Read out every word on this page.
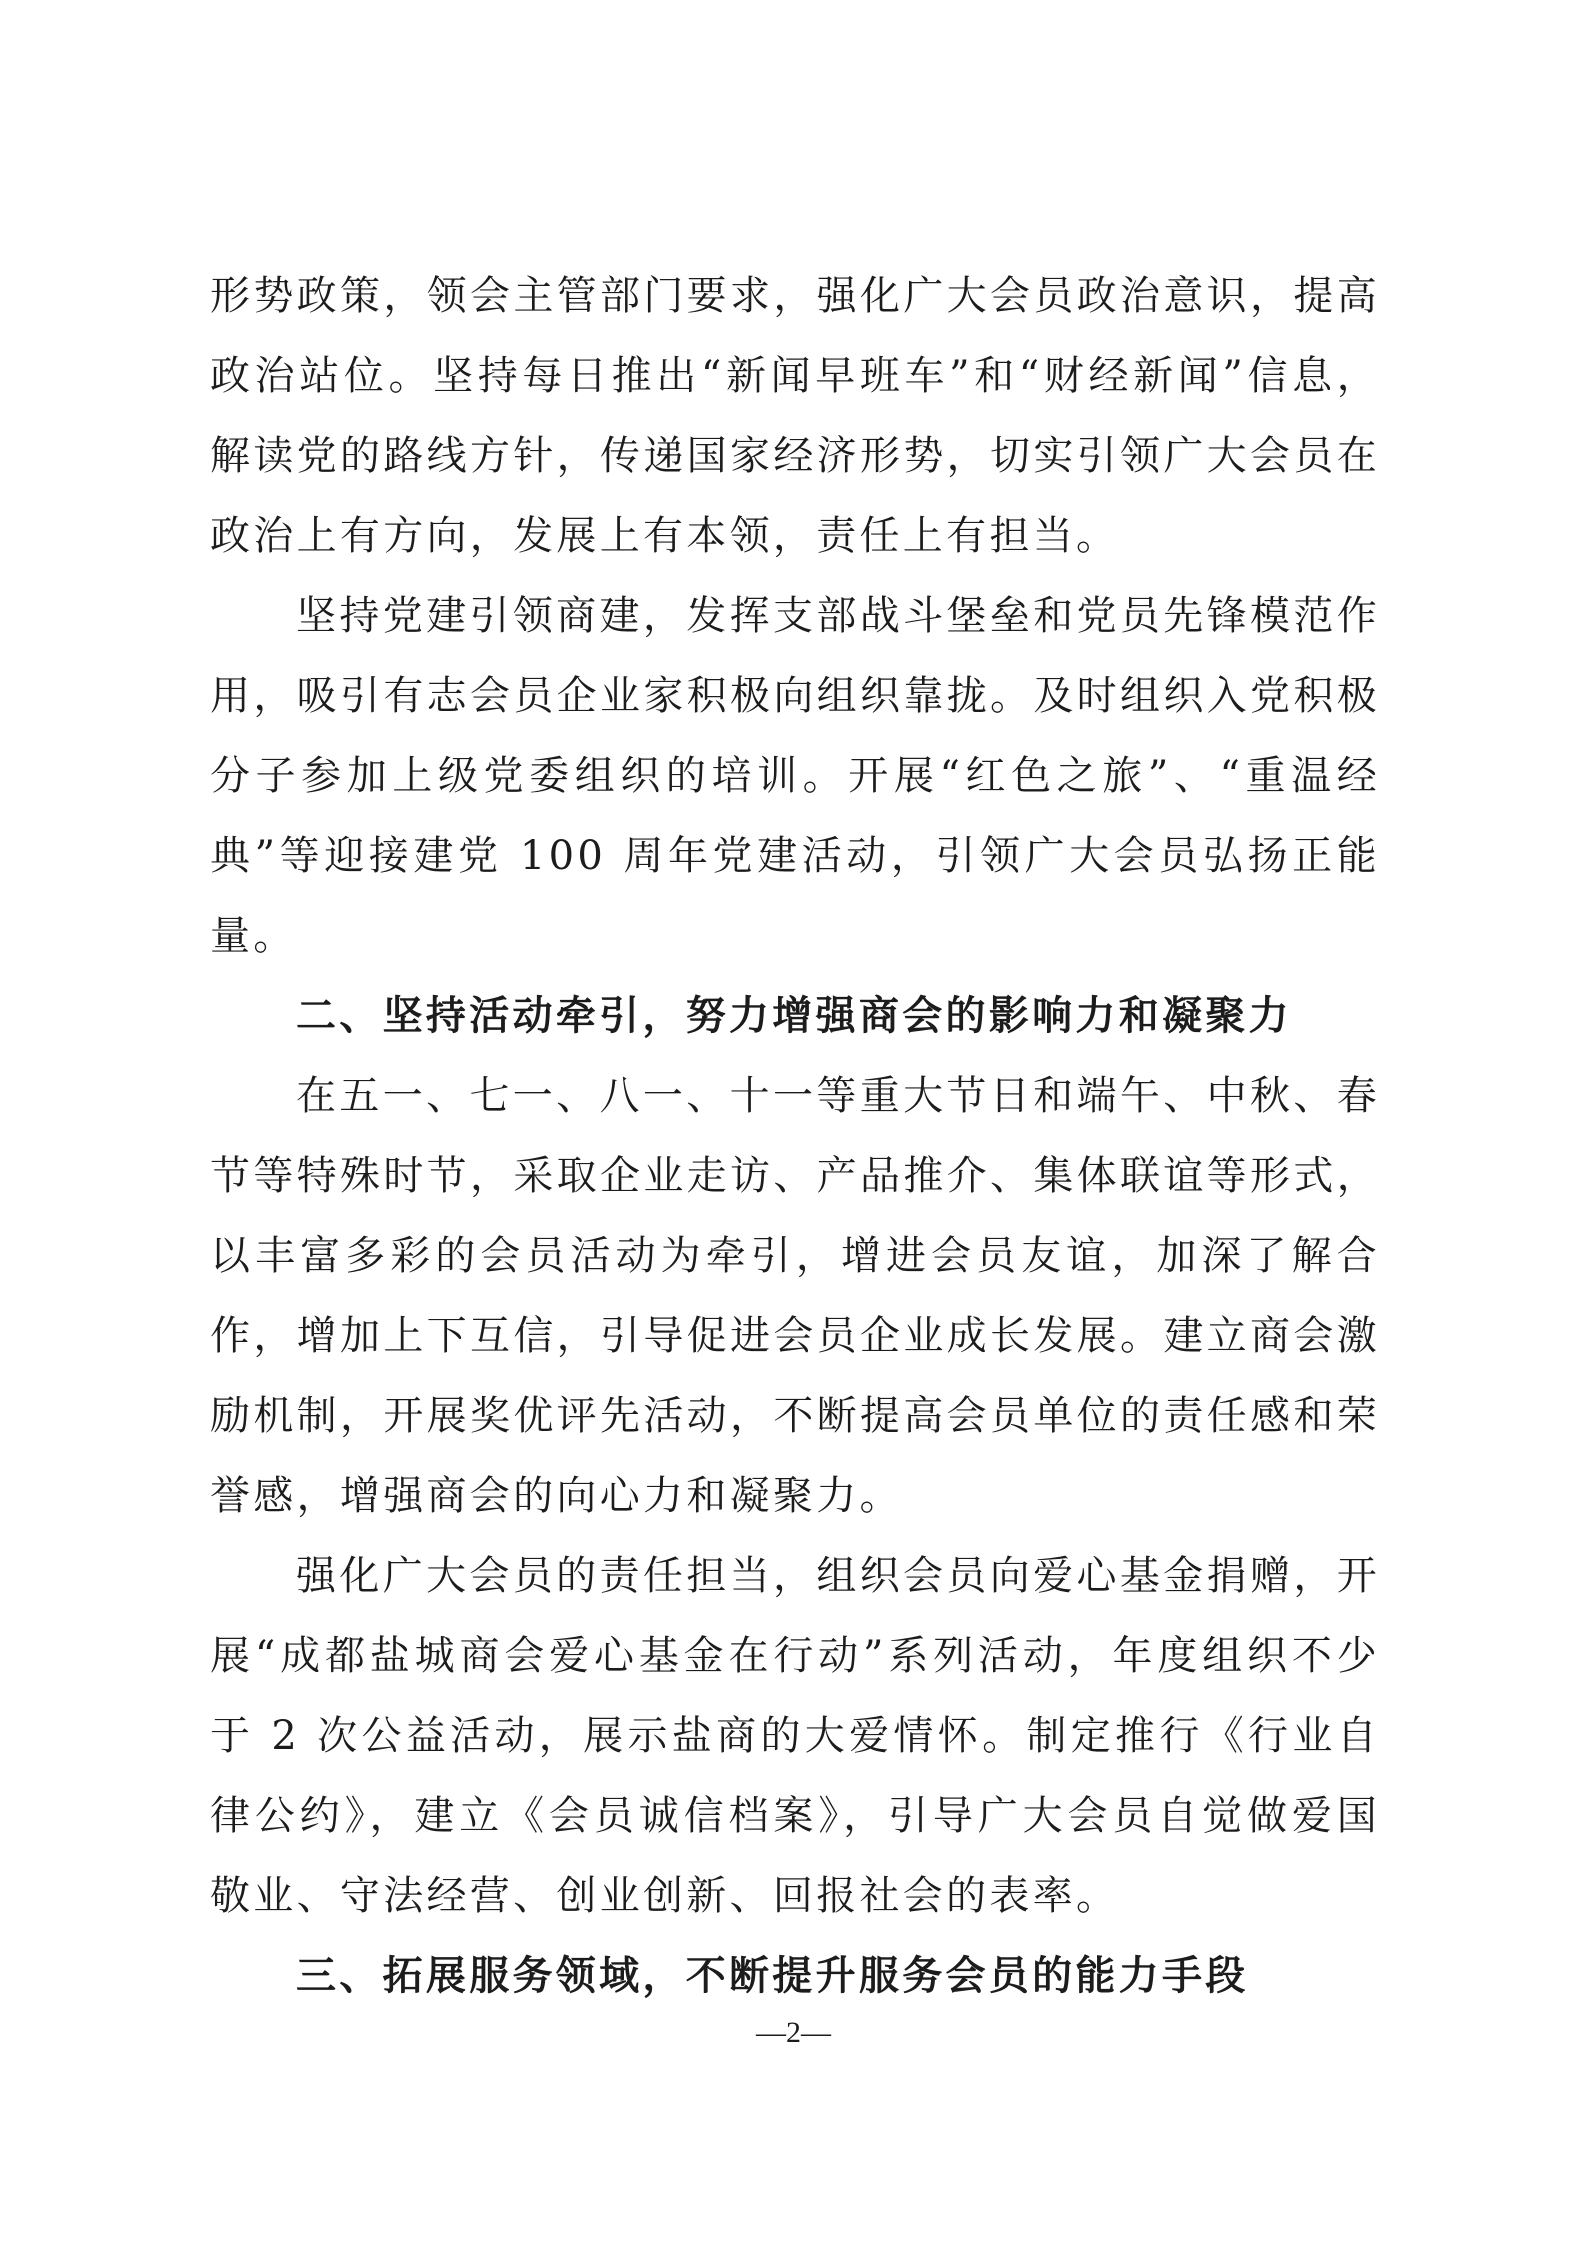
形势政策，领会主管部门要求，强化广大会员政治意识，提高政治站位。坚持每日推出“新闻早班车”和“财经新闻”信息，解读党的路线方针，传递国家经济形势，切实引领广大会员在政治上有方向，发展上有本领，责任上有担当。

坚持党建引领商建，发挥支部战斗堡垒和党员先锋模范作用，吸引有志会员企业家积极向组织靠拢。及时组织入党积极分子参加上级党委组织的培训。开展“红色之旅”、“重温经典”等迎接建党 100 周年党建活动，引领广大会员弘扬正能量。

二、坚持活动牵引，努力增强商会的影响力和凝聚力

在五一、七一、八一、十一等重大节日和端午、中秋、春节等特殊时节，采取企业走访、产品推介、集体联谊等形式，以丰富多彩的会员活动为牵引，增进会员友谊，加深了解合作，增加上下互信，引导促进会员企业成长发展。建立商会激励机制，开展奖优评先活动，不断提高会员单位的责任感和荣誉感，增强商会的向心力和凝聚力。

强化广大会员的责任担当，组织会员向爱心基金捐赠，开展“成都盐城商会爱心基金在行动”系列活动，年度组织不少于 2 次公益活动，展示盐商的大爱情怀。制定推行《行业自律公约》，建立《会员诚信档案》，引导广大会员自觉做爱国敬业、守法经营、创业创新、回报社会的表率。

三、拓展服务领域，不断提升服务会员的能力手段

—2—
